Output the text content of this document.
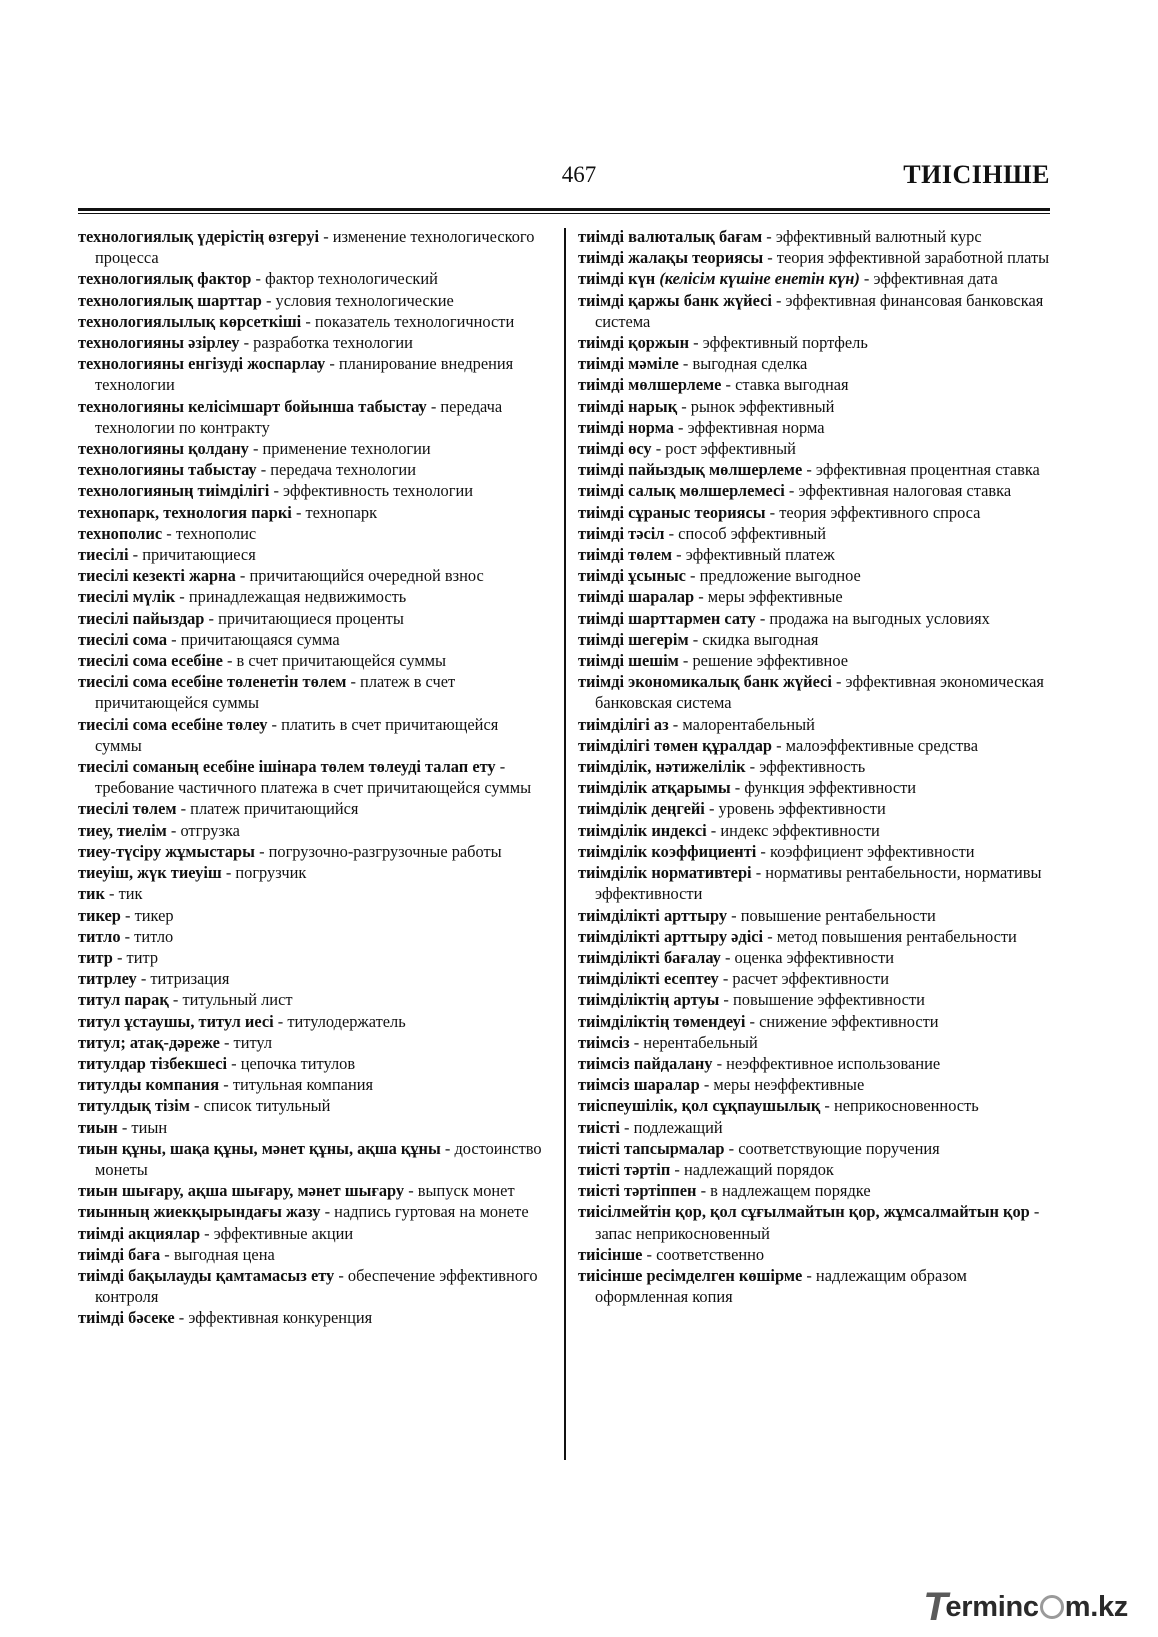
467	ТИІСІНШЕ
технологиялық үдерістің өзгеруі - изменение технологического процесса
технологиялық фактор - фактор технологический
технологиялық шарттар - условия технологические
технологиялылық көрсеткіші - показатель технологичности
технологияны әзірлеу - разработка технологии
технологияны енгізуді жоспарлау - планирование внедрения технологии
технологияны келісімшарт бойынша табыстау - передача технологии по контракту
технологияны қолдану - применение технологии
технологияны табыстау - передача технологии
технологияның тиімділігі - эффективность технологии
технопарк, технология паркі - технопарк
технополис - технополис
тиесілі - причитающиеся
тиесілі кезекті жарна - причитающийся очередной взнос
тиесілі мүлік - принадлежащая недвижимость
тиесілі пайыздар - причитающиеся проценты
тиесілі сома - причитающаяся сумма
тиесілі сома есебіне - в счет причитающейся суммы
тиесілі сома есебіне төленетін төлем - платеж в счет причитающейся суммы
тиесілі сома есебіне төлеу - платить в счет причитающейся суммы
тиесілі соманың есебіне ішінара төлем төлеуді талап ету - требование частичного платежа в счет причитающейся суммы
тиесілі төлем - платеж причитающийся
тиеу, тиелім - отгрузка
тиеу-түсіру жұмыстары - погрузочно-разгрузочные работы
тиеуіш, жүк тиеуіш - погрузчик
тик - тик
тикер - тикер
титло - титло
титр - титр
титрлеу - титризация
титул парақ - титульный лист
титул ұстаушы, титул иесі - титулодержатель
титул; атақ-дәреже - титул
титулдар тізбекшесі - цепочка титулов
титулды компания - титульная компания
титулдық тізім - список титульный
тиын - тиын
тиын құны, шақа құны, мәнет құны, ақша құны - достоинство монеты
тиын шығару, ақша шығару, мәнет шығару - выпуск монет
тиынның жиекқырындағы жазу - надпись гуртовая на монете
тиімді акциялар - эффективные акции
тиімді баға - выгодная цена
тиімді бақылауды қамтамасыз ету - обеспечение эффективного контроля
тиімді бәсеке - эффективная конкуренция
тиімді валюталық бағам - эффективный валютный курс
тиімді жалақы теориясы - теория эффективной заработной платы
тиімді күн (келісім күшіне енетін күн) - эффективная дата
тиімді қаржы банк жүйесі - эффективная финансовая банковская система
тиімді қоржын - эффективный портфель
тиімді мәміле - выгодная сделка
тиімді мөлшерлеме - ставка выгодная
тиімді нарық - рынок эффективный
тиімді норма - эффективная норма
тиімді өсу - рост эффективный
тиімді пайыздық мөлшерлеме - эффективная процентная ставка
тиімді салық мөлшерлемесі - эффективная налоговая ставка
тиімді сұраныс теориясы - теория эффективного спроса
тиімді тәсіл - способ эффективный
тиімді төлем - эффективный платеж
тиімді ұсыныс - предложение выгодное
тиімді шаралар - меры эффективные
тиімді шарттармен сату - продажа на выгодных условиях
тиімді шегерім - скидка выгодная
тиімді шешім - решение эффективное
тиімді экономикалық банк жүйесі - эффективная экономическая банковская система
тиімділігі аз - малорентабельный
тиімділігі төмен құралдар - малоэффективные средства
тиімділік, нәтижелілік - эффективность
тиімділік атқарымы - функция эффективности
тиімділік деңгейі - уровень эффективности
тиімділік индексі - индекс эффективности
тиімділік коэффициенті - коэффициент эффективности
тиімділік нормативтері - нормативы рентабельности, нормативы эффективности
тиімділікті арттыру - повышение рентабельности
тиімділікті арттыру әдісі - метод повышения рентабельности
тиімділікті бағалау - оценка эффективности
тиімділікті есептеу - расчет эффективности
тиімділіктің артуы - повышение эффективности
тиімділіктің төмендеуі - снижение эффективности
тиімсіз - нерентабельный
тиімсіз пайдалану - неэффективное использование
тиімсіз шаралар - меры неэффективные
тиіспеушілік, қол сұқпаушылық - неприкосновенность
тиісті - подлежащий
тиісті тапсырмалар - соответствующие поручения
тиісті тәртіп - надлежащий порядок
тиісті тәртіппен - в надлежащем порядке
тиісілмейтін қор, қол сұғылмайтын қор, жұмсалмайтын қор - запас неприкосновенный
тиісінше - соответственно
тиісінше ресімделген көшірме - надлежащим образом оформленная копия
T
erminc m.kz
